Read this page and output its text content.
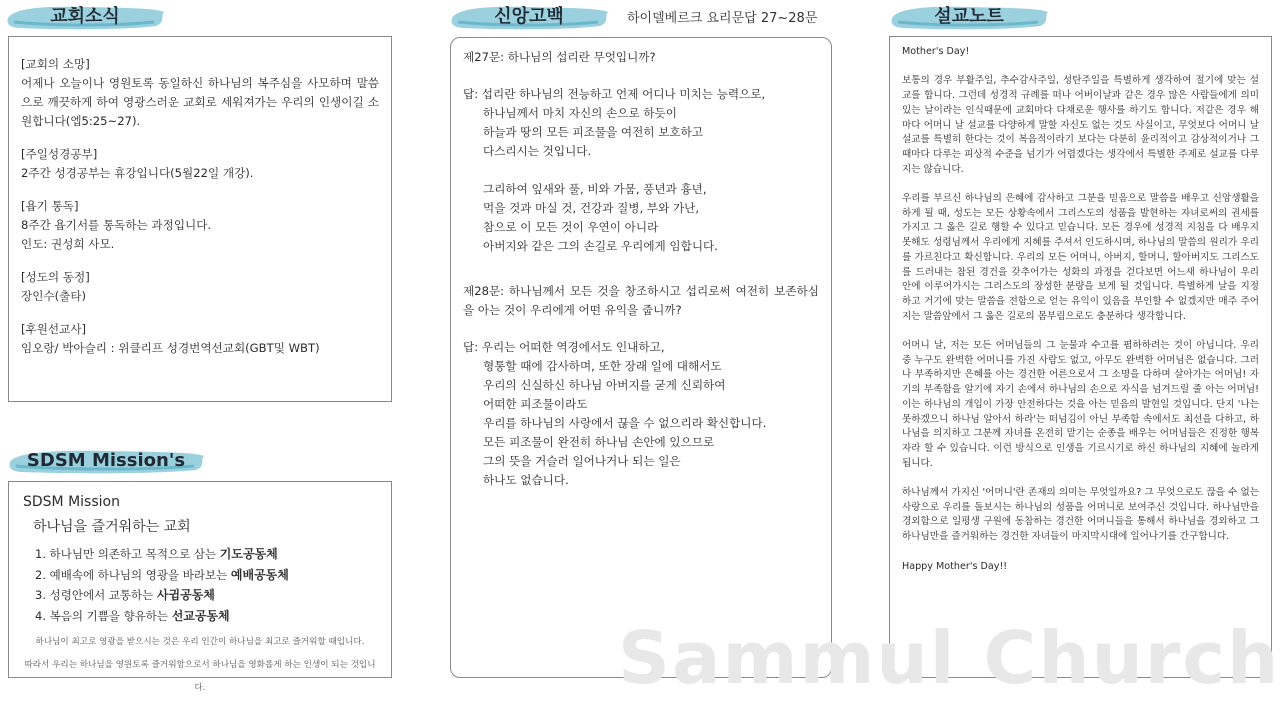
교회소식	신앙고백	하이델베르크 요리문답 27~28문	설교노트
SDSM Mission's

[교회의 소망]
어제나 오늘이나 영원토록 동일하신 하나님의 복주심을 사모하며 말씀으로 깨끗하게 하여 영광스러운 교회로 세워져가는 우리의 인생이길 소원합니다(엡5:25~27).

[주일성경공부]
2주간 성경공부는 휴강입니다(5월22일 개강).

[욥기 통독]
8주간 욥기서를 통독하는 과정입니다.
인도: 권성희 사모.

[성도의 동정]
장인수(출타)

[후원선교사]
임오랑/ 박아슬리 : 위클리프 성경번역선교회(GBT및 WBT)

SDSM Mission
하나님을 즐거워하는 교회
1. 하나님만 의존하고 목적으로 삼는 기도공동체
2. 예배속에 하나님의 영광을 바라보는 예배공동체
3. 성령안에서 교통하는 사귐공동체
4. 복음의 기쁨을 향유하는 선교공동체
하나님이 최고로 영광을 받으시는 것은 우리 인간이 하나님을 최고로 즐거워할 때입니다.
따라서 우리는 하나님을 영원토록 즐거워함으로서 하나님을 영화롭게 하는 인생이 되는 것입니다.

제27문: 하나님의 섭리란 무엇입니까?

답: 섭리란 하나님의 전능하고 언제 어디나 미치는 능력으로,
하나님께서 마치 자신의 손으로 하듯이
하늘과 땅의 모든 피조물을 여전히 보호하고
다스리시는 것입니다.
그리하여 잎새와 풀, 비와 가뭄, 풍년과 흉년,
먹을 것과 마실 것, 건강과 질병, 부와 가난,
참으로 이 모든 것이 우연이 아니라
아버지와 같은 그의 손길로 우리에게 임합니다.

제28문: 하나님께서 모든 것을 창조하시고 섭리로써 여전히 보존하심을 아는 것이 우리에게 어떤 유익을 줍니까?

답: 우리는 어떠한 역경에서도 인내하고,
형통할 때에 감사하며, 또한 장래 일에 대해서도
우리의 신실하신 하나님 아버지를 굳게 신뢰하여
어떠한 피조물이라도
우리를 하나님의 사랑에서 끊을 수 없으리라 확신합니다.
모든 피조물이 완전히 하나님 손안에 있으므로
그의 뜻을 거슬러 일어나거나 되는 일은
하나도 없습니다.

Mother's Day!

보통의 경우 부활주일, 추수감사주일, 성탄주일을 특별하게 생각하여 절기에 맞는 설교를 합니다. 그런데 성경적 규례를 떠나 어버이날과 같은 경우 많은 사람들에게 의미있는 날이라는 인식때문에 교회마다 다채로운 행사를 하기도 합니다. 저같은 경우 해마다 어머니 날 설교를 다양하게 말할 자신도 없는 것도 사실이고, 무엇보다 어머니 날 설교를 특별히 한다는 것이 복음적이라기 보다는 다분히 윤리적이고 감상적이거나 그때마다 다루는 피상적 수준을 넘기가 어렵겠다는 생각에서 특별한 주제로 설교를 다루지는 않습니다.

우리를 부르신 하나님의 은혜에 감사하고 그분을 믿음으로 말씀을 배우고 신앙생활을 하게 될 때, 성도는 모든 상황속에서 그리스도의 성품을 발현하는 자녀로써의 권세를 가지고 그 옳은 길로 행할 수 있다고 믿습니다. 모든 경우에 성경적 지침을 다 배우지 못해도 성령님께서 우리에게 지혜를 주셔서 인도하시며, 하나님의 말씀의 원리가 우리를 가르친다고 확신합니다. 우리의 모든 어머니, 아버지, 할머니, 할아버지도 그리스도를 드러내는 참된 경건을 갖추어가는 성화의 과정을 걷다보면 어느새 하나님이 우리 안에 이루어가시는 그리스도의 장성한 분량을 보게 될 것입니다. 특별하게 날을 지정하고 거기에 맞는 말씀을 전함으로 얻는 유익이 있음을 부인할 수 없겠지만 매주 주어지는 말씀앞에서 그 옳은 길로의 몸부림으로도 충분하다 생각합니다.

어머니 날, 저는 모든 어머님들의 그 눈물과 수고를 폄하하려는 것이 아닙니다. 우리 중 누구도 완벽한 어머니를 가진 사람도 없고, 아무도 완벽한 어머님은 없습니다. 그러나 부족하지만 은혜를 아는 경건한 어른으로서 그 소명을 다하며 살아가는 어머님! 자기의 부족함을 알기에 자기 손에서 하나님의 손으로 자식을 넘겨드릴 줄 아는 어머님! 이는 하나님의 개입이 가장 안전하다는 것을 아는 믿음의 발현일 것입니다. 단지 '나는 못하겠으니 하나님 알아서 하라'는 떠넘김이 아닌 부족함 속에서도 최선을 다하고, 하나님을 의지하고 그분께 자녀를 온전히 맡기는 순종을 배우는 어머님들은 진정한 행복자라 할 수 있습니다. 이런 방식으로 인생을 기르시기로 하신 하나님의 지혜에 놀라게 됩니다.

하나님께서 가지신 '어머니'란 존재의 의미는 무엇일까요? 그 무엇으로도 끊을 수 없는 사랑으로 우리를 돌보시는 하나님의 성품을 어머니로 보여주신 것입니다. 하나님만을 경외함으로 일평생 구원에 동참하는 경건한 어머니들을 통해서 하나님을 경외하고 그 하나님만을 즐거워하는 경건한 자녀들이 마지막시대에 일어나기를 간구합니다.

Happy Mother's Day!!

Sammul Church
